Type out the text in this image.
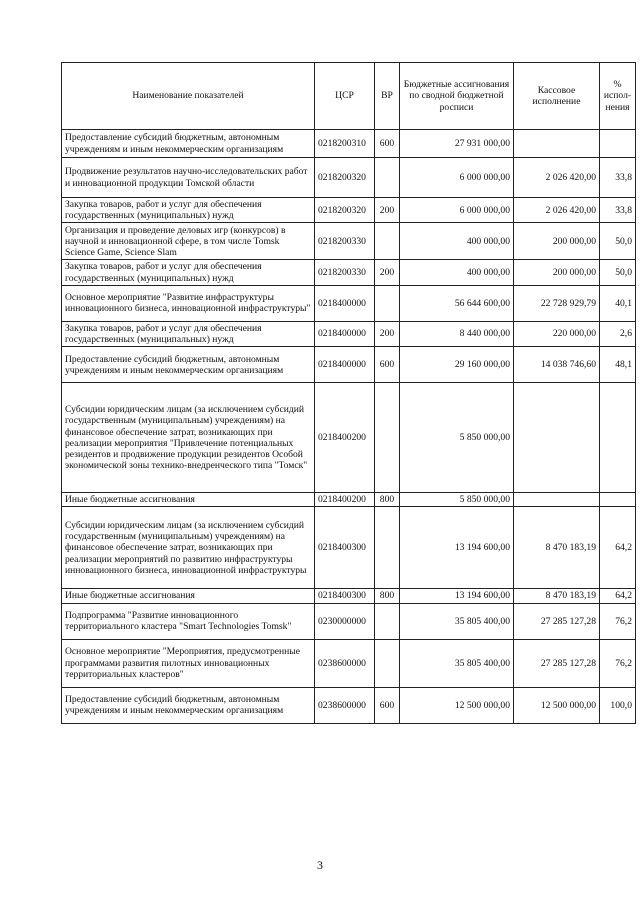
Наименование показателей	ЦСР	ВР	Бюджетные ассигнования по сводной бюджетной росписи	Кассовое исполнение	% испол- нения
Предоставление субсидий бюджетным, автономным учреждениям и иным некоммерческим организациям	0218200310	600	27 931 000,00		
Продвижение результатов научно-исследовательских работ и инновационной продукции Томской области	0218200320		6 000 000,00	2 026 420,00	33,8
Закупка товаров, работ и услуг для обеспечения государственных (муниципальных) нужд	0218200320	200	6 000 000,00	2 026 420,00	33,8
Организация и проведение деловых игр (конкурсов) в научной и инновационной сфере, в том числе Tomsk Science Game, Science Slam	0218200330		400 000,00	200 000,00	50,0
Закупка товаров, работ и услуг для обеспечения государственных (муниципальных) нужд	0218200330	200	400 000,00	200 000,00	50,0
Основное мероприятие "Развитие инфраструктуры инновационного бизнеса, инновационной инфраструктуры"	0218400000		56 644 600,00	22 728 929,79	40,1
Закупка товаров, работ и услуг для обеспечения государственных (муниципальных) нужд	0218400000	200	8 440 000,00	220 000,00	2,6
Предоставление субсидий бюджетным, автономным учреждениям и иным некоммерческим организациям	0218400000	600	29 160 000,00	14 038 746,60	48,1
Субсидии юридическим лицам (за исключением субсидий государственным (муниципальным) учреждениям) на финансовое обеспечение затрат, возникающих при реализации мероприятия "Привлечение потенциальных резидентов и продвижение продукции резидентов Особой экономической зоны технико-внедренческого типа "Томск"	0218400200		5 850 000,00		
Иные бюджетные ассигнования	0218400200	800	5 850 000,00		
Субсидии юридическим лицам (за исключением субсидий государственным (муниципальным) учреждениям) на финансовое обеспечение затрат, возникающих при реализации мероприятий по развитию инфраструктуры инновационного бизнеса, инновационной инфраструктуры	0218400300		13 194 600,00	8 470 183,19	64,2
Иные бюджетные ассигнования	0218400300	800	13 194 600,00	8 470 183,19	64,2
Подпрограмма "Развитие инновационного территориального кластера "Smart Technologies Tomsk"	0230000000		35 805 400,00	27 285 127,28	76,2
Основное мероприятие "Мероприятия, предусмотренные программами развития пилотных инновационных территориальных кластеров"	0238600000		35 805 400,00	27 285 127,28	76,2
Предоставление субсидий бюджетным, автономным учреждениям и иным некоммерческим организациям	0238600000	600	12 500 000,00	12 500 000,00	100,0
3
